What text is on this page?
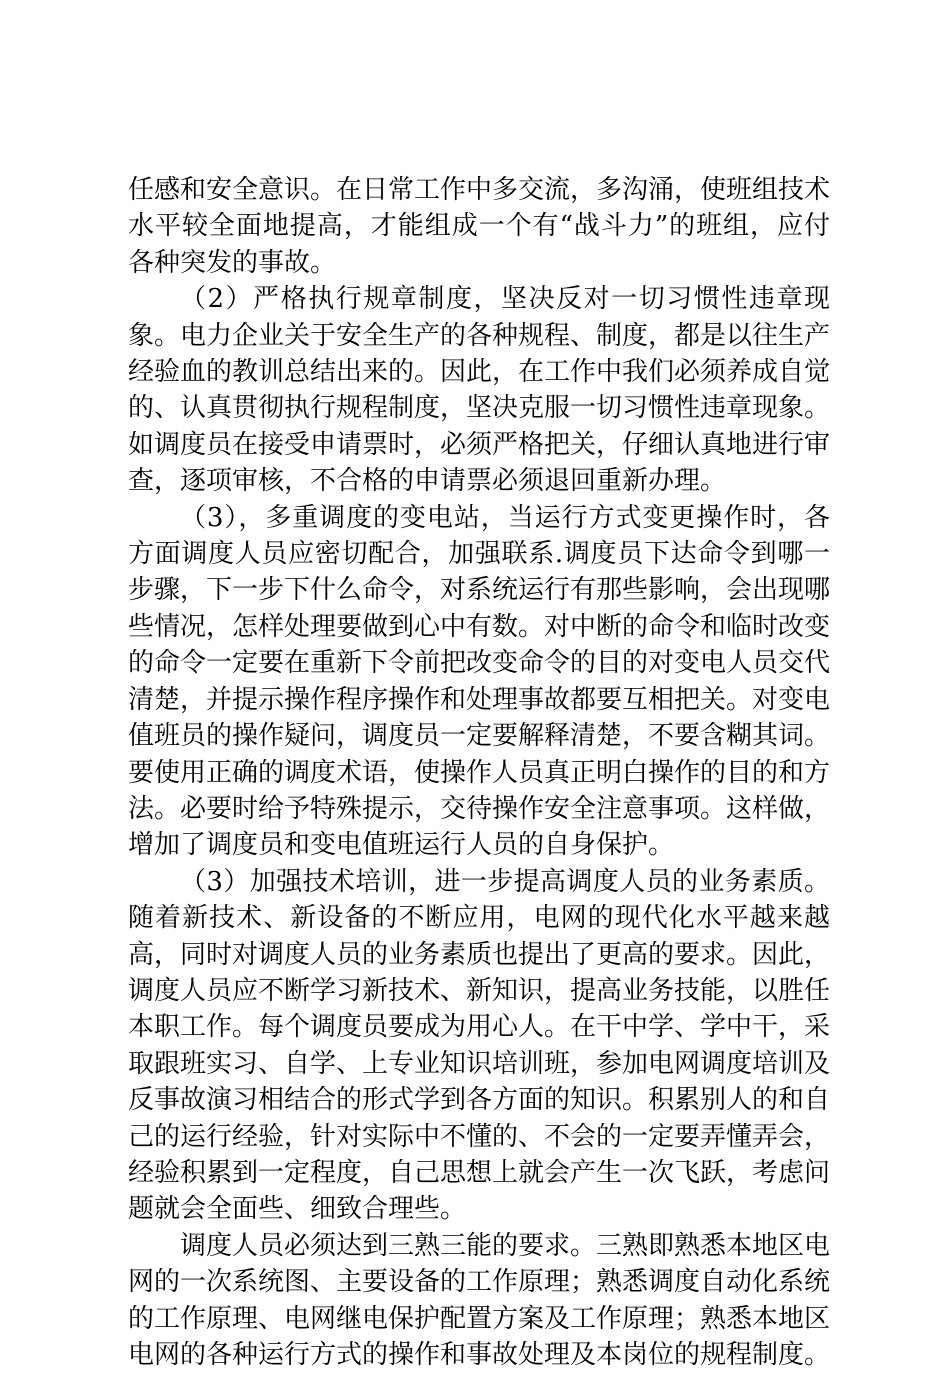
任感和安全意识。在日常工作中多交流，多沟涌，使班组技术水平较全面地提高，才能组成一个有“战斗力”的班组，应付各种突发的事故。

（2）严格执行规章制度，坚决反对一切习惯性违章现象。电力企业关于安全生产的各种规程、制度，都是以往生产经验血的教训总结出来的。因此，在工作中我们必须养成自觉的、认真贯彻执行规程制度，坚决克服一切习惯性违章现象。如调度员在接受申请票时，必须严格把关，仔细认真地进行审查，逐项审核，不合格的申请票必须退回重新办理。

（3），多重调度的变电站，当运行方式变更操作时，各方面调度人员应密切配合，加强联系.调度员下达命令到哪一步骤，下一步下什么命令，对系统运行有那些影响，会出现哪些情况，怎样处理要做到心中有数。对中断的命令和临时改变的命令一定要在重新下令前把改变命令的目的对变电人员交代清楚，并提示操作程序操作和处理事故都要互相把关。对变电值班员的操作疑问，调度员一定要解释清楚，不要含糊其词。要使用正确的调度术语，使操作人员真正明白操作的目的和方法。必要时给予特殊提示，交待操作安全注意事项。这样做，增加了调度员和变电值班运行人员的自身保护。

（3）加强技术培训，进一步提高调度人员的业务素质。随着新技术、新设备的不断应用，电网的现代化水平越来越高，同时对调度人员的业务素质也提出了更高的要求。因此，调度人员应不断学习新技术、新知识，提高业务技能，以胜任本职工作。每个调度员要成为用心人。在干中学、学中干，采取跟班实习、自学、上专业知识培训班，参加电网调度培训及反事故演习相结合的形式学到各方面的知识。积累别人的和自己的运行经验，针对实际中不懂的、不会的一定要弄懂弄会，经验积累到一定程度，自己思想上就会产生一次飞跃，考虑问题就会全面些、细致合理些。

调度人员必须达到三熟三能的要求。三熟即熟悉本地区电网的一次系统图、主要设备的工作原理；熟悉调度自动化系统的工作原理、电网继电保护配置方案及工作原理；熟悉本地区电网的各种运行方式的操作和事故处理及本岗位的规程制度。
